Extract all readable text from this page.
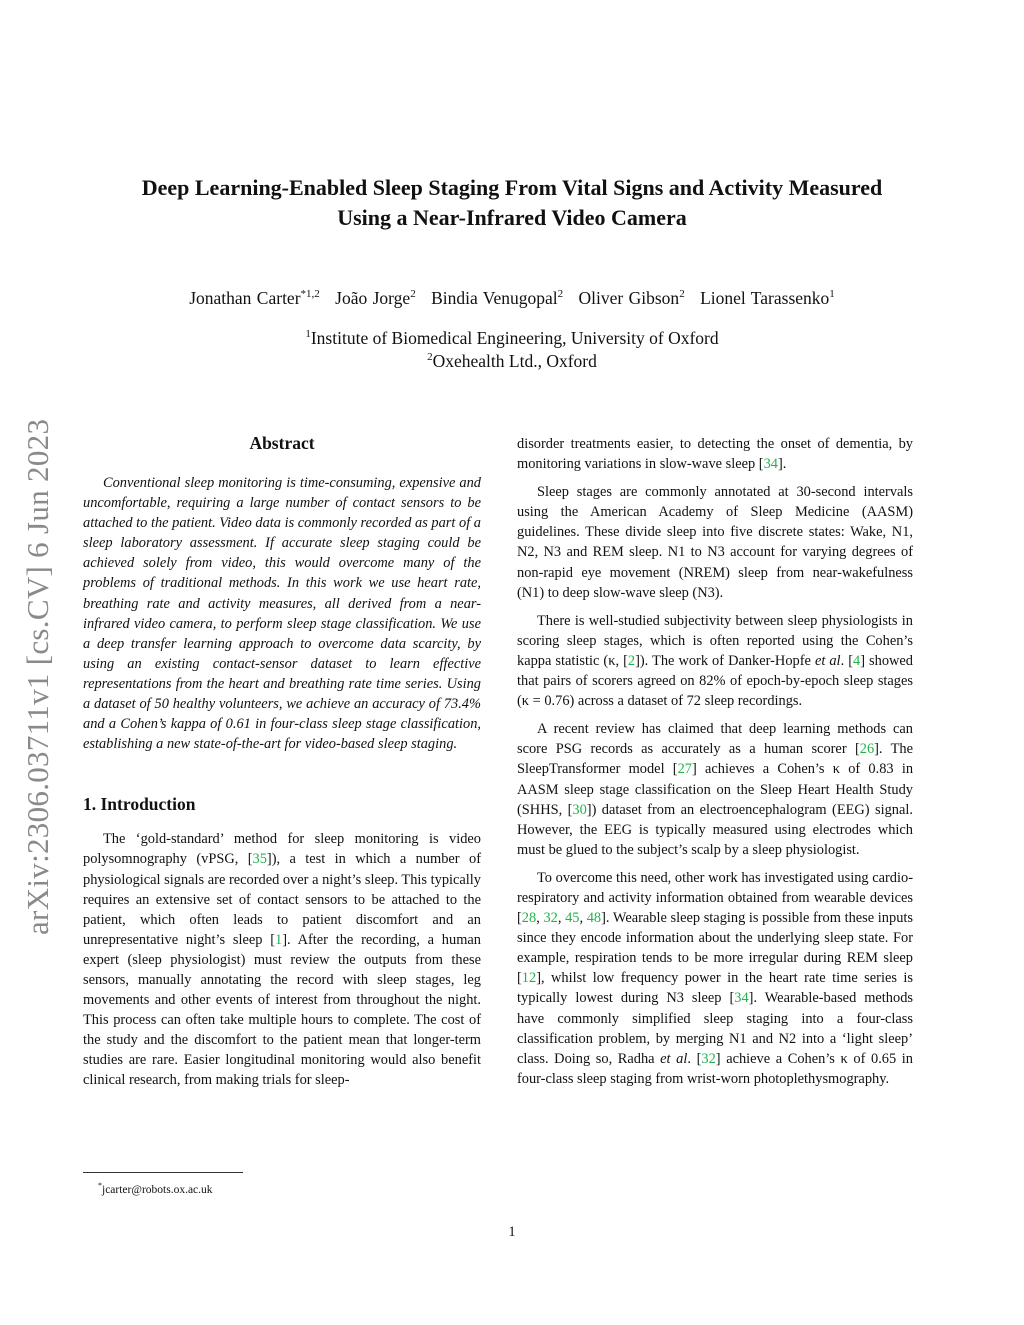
arXiv:2306.03711v1 [cs.CV] 6 Jun 2023
Deep Learning-Enabled Sleep Staging From Vital Signs and Activity Measured
Using a Near-Infrared Video Camera
Jonathan Carter$^{*1,2}$ João Jorge$^2$ Bindia Venugopal$^2$ Oliver Gibson$^2$ Lionel Tarassenko$^1$
$^1$Institute of Biomedical Engineering, University of Oxford
$^2$Oxehealth Ltd., Oxford
Abstract

Conventional sleep monitoring is time-consuming, expensive and uncomfortable, requiring a large number of contact sensors to be attached to the patient. Video data is commonly recorded as part of a sleep laboratory assessment. If accurate sleep staging could be achieved solely from video, this would overcome many of the problems of traditional methods. In this work we use heart rate, breathing rate and activity measures, all derived from a near-infrared video camera, to perform sleep stage classification. We use a deep transfer learning approach to overcome data scarcity, by using an existing contact-sensor dataset to learn effective representations from the heart and breathing rate time series. Using a dataset of 50 healthy volunteers, we achieve an accuracy of 73.4% and a Cohen’s kappa of 0.61 in four-class sleep stage classification, establishing a new state-of-the-art for video-based sleep staging.

1. Introduction

The ‘gold-standard’ method for sleep monitoring is video polysomnography (vPSG, [35]), a test in which a number of physiological signals are recorded over a night’s sleep. This typically requires an extensive set of contact sensors to be attached to the patient, which often leads to patient discomfort and an unrepresentative night’s sleep [1]. After the recording, a human expert (sleep physiologist) must review the outputs from these sensors, manually annotating the record with sleep stages, leg movements and other events of interest from throughout the night. This process can often take multiple hours to complete. The cost of the study and the discomfort to the patient mean that longer-term studies are rare. Easier longitudinal monitoring would also benefit clinical research, from making trials for sleep-

disorder treatments easier, to detecting the onset of dementia, by monitoring variations in slow-wave sleep [34].

Sleep stages are commonly annotated at 30-second intervals using the American Academy of Sleep Medicine (AASM) guidelines. These divide sleep into five discrete states: Wake, N1, N2, N3 and REM sleep. N1 to N3 account for varying degrees of non-rapid eye movement (NREM) sleep from near-wakefulness (N1) to deep slow-wave sleep (N3).

There is well-studied subjectivity between sleep physiologists in scoring sleep stages, which is often reported using the Cohen’s kappa statistic (κ, [2]). The work of Danker-Hopfe et al. [4] showed that pairs of scorers agreed on 82% of epoch-by-epoch sleep stages (κ = 0.76) across a dataset of 72 sleep recordings.

A recent review has claimed that deep learning methods can score PSG records as accurately as a human scorer [26]. The SleepTransformer model [27] achieves a Cohen’s κ of 0.83 in AASM sleep stage classification on the Sleep Heart Health Study (SHHS, [30]) dataset from an electroencephalogram (EEG) signal. However, the EEG is typically measured using electrodes which must be glued to the subject’s scalp by a sleep physiologist.

To overcome this need, other work has investigated using cardio-respiratory and activity information obtained from wearable devices [28, 32, 45, 48]. Wearable sleep staging is possible from these inputs since they encode information about the underlying sleep state. For example, respiration tends to be more irregular during REM sleep [12], whilst low frequency power in the heart rate time series is typically lowest during N3 sleep [34]. Wearable-based methods have commonly simplified sleep staging into a four-class classification problem, by merging N1 and N2 into a ‘light sleep’ class. Doing so, Radha et al. [32] achieve a Cohen’s κ of 0.65 in four-class sleep staging from wrist-worn photoplethysmography.

*jcarter@robots.ox.ac.uk
1
